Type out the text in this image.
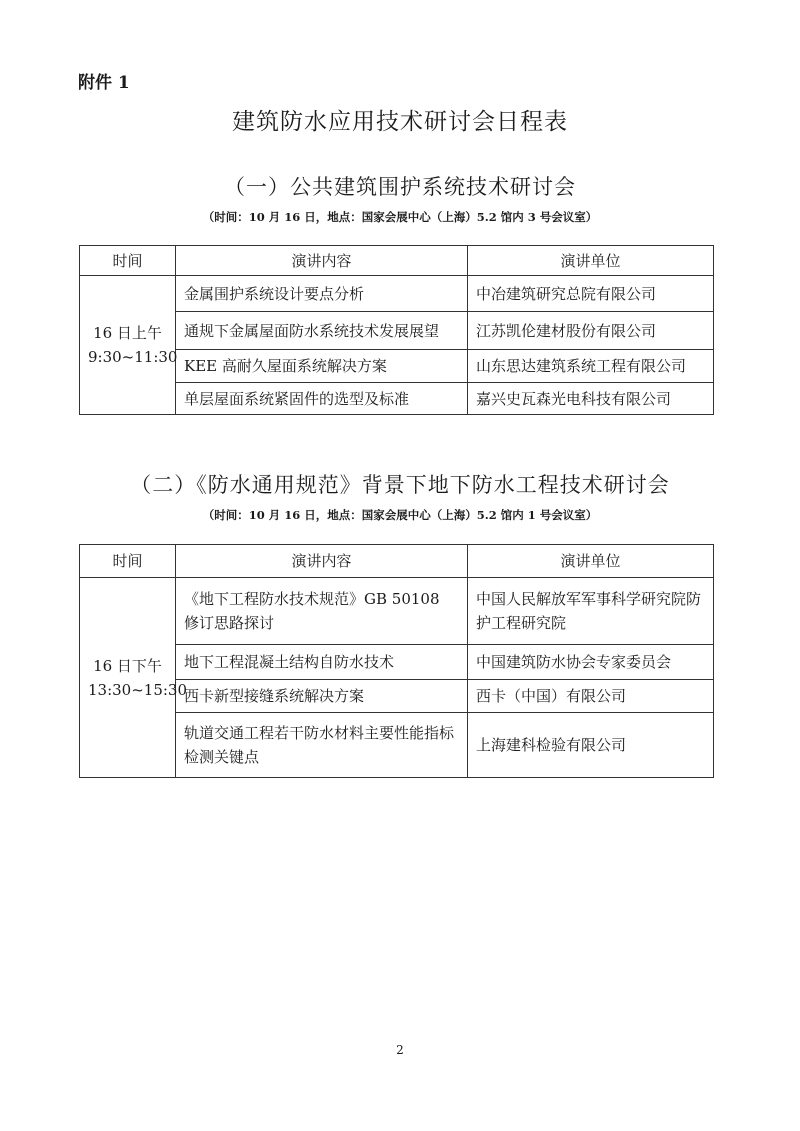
附件 1
建筑防水应用技术研讨会日程表
（一）公共建筑围护系统技术研讨会
（时间：10 月 16 日，地点：国家会展中心（上海）5.2 馆内 3 号会议室）
时间	演讲内容	演讲单位

16 日上午
9:30~11:30	金属围护系统设计要点分析	中冶建筑研究总院有限公司
	通规下金属屋面防水系统技术发展展望	江苏凯伦建材股份有限公司
	KEE 高耐久屋面系统解决方案	山东思达建筑系统工程有限公司
	单层屋面系统紧固件的选型及标准	嘉兴史瓦森光电科技有限公司
（二）《防水通用规范》背景下地下防水工程技术研讨会
（时间：10 月 16 日，地点：国家会展中心（上海）5.2 馆内 1 号会议室）
时间	演讲内容	演讲单位

16 日下午
13:30~15:30	《地下工程防水技术规范》GB 50108 修订思路探讨	中国人民解放军军事科学研究院防护工程研究院
	地下工程混凝土结构自防水技术	中国建筑防水协会专家委员会
	西卡新型接缝系统解决方案	西卡（中国）有限公司
	轨道交通工程若干防水材料主要性能指标检测关键点	上海建科检验有限公司
2
